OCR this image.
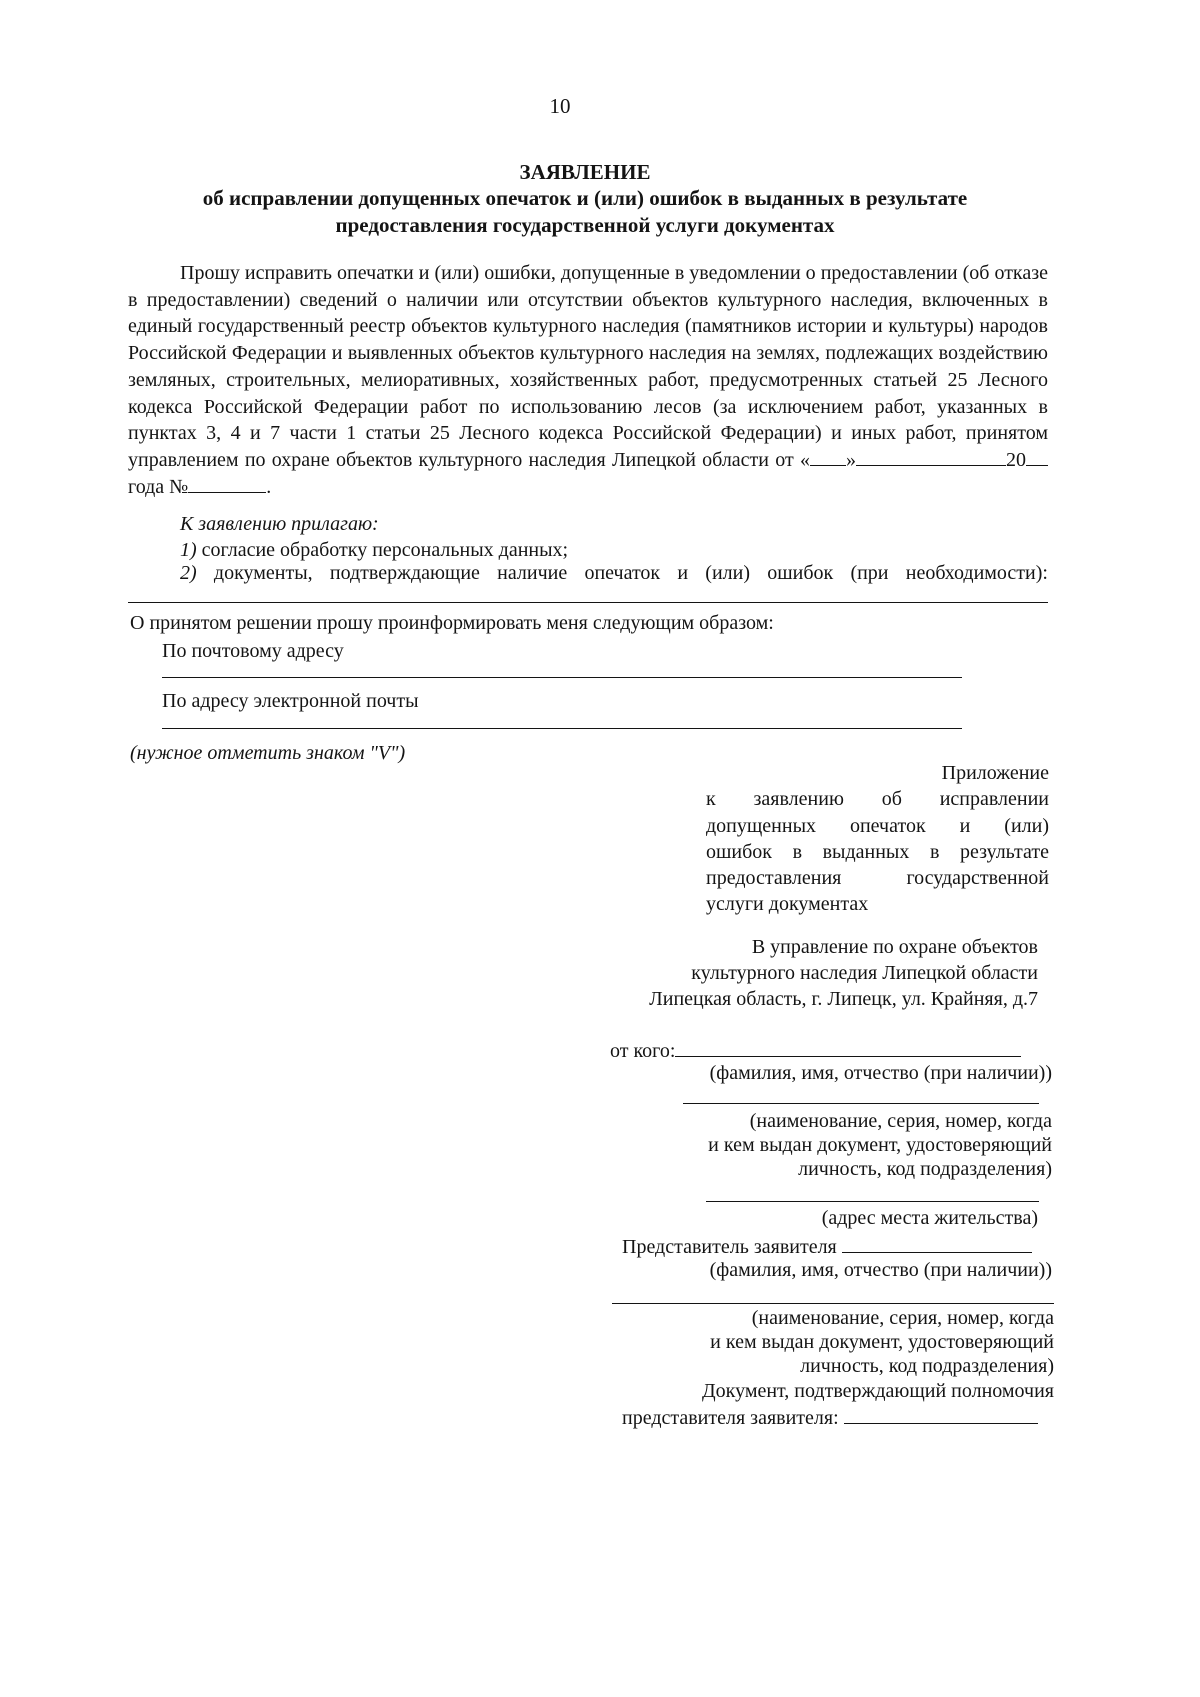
10
ЗАЯВЛЕНИЕ
об исправлении допущенных опечаток и (или) ошибок в выданных в результате
предоставления государственной услуги документах
Прошу исправить опечатки и (или) ошибки, допущенные в уведомлении о предоставлении (об отказе в предоставлении) сведений о наличии или отсутствии объектов культурного наследия, включенных в единый государственный реестр объектов культурного наследия (памятников истории и культуры) народов Российской Федерации и выявленных объектов культурного наследия на землях, подлежащих воздействию земляных, строительных, мелиоративных, хозяйственных работ, предусмотренных статьей 25 Лесного кодекса Российской Федерации работ по использованию лесов (за исключением работ, указанных в пунктах 3, 4 и 7 части 1 статьи 25 Лесного кодекса Российской Федерации) и иных работ, принятом управлением по охране объектов культурного наследия Липецкой области от « »	20года №	.
К заявлению прилагаю:
1) согласие обработку персональных данных;
2) документы, подтверждающие наличие опечаток и (или) ошибок (при необходимости):
О принятом решении прошу проинформировать меня следующим образом:
По почтовому адресу
По адресу электронной почты
(нужное отметить знаком "V")
Приложение
к заявлению об исправлении
допущенных опечаток и (или)
ошибок в выданных в результате
предоставления государственной
услуги документах
В управление по охране объектов
культурного наследия Липецкой области
Липецкая область, г. Липецк, ул. Крайняя, д.7
от кого:
(фамилия, имя, отчество (при наличии))
(наименование, серия, номер, когда
и кем выдан документ, удостоверяющий
личность, код подразделения)
(адрес места жительства)
Представитель заявителя
(фамилия, имя, отчество (при наличии))
(наименование, серия, номер, когда
и кем выдан документ, удостоверяющий
личность, код подразделения)
Документ, подтверждающий полномочия
представителя заявителя:
